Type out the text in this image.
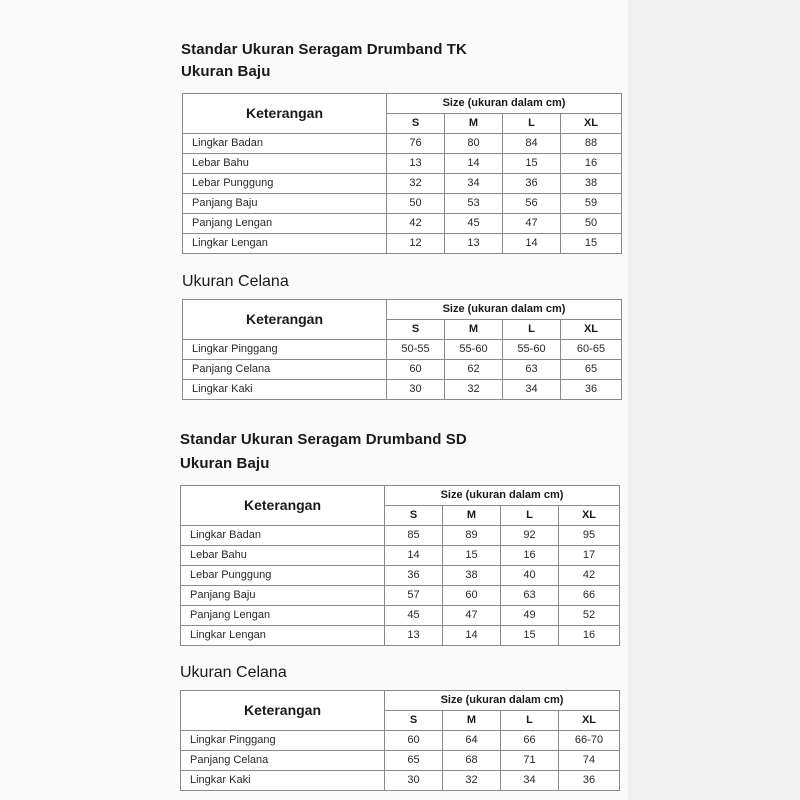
Standar Ukuran Seragam Drumband TK
Ukuran Baju
Keterangan	Size (ukuran dalam cm)			
	S	M	L	XL
Lingkar Badan	76	80	84	88
Lebar Bahu	13	14	15	16
Lebar Punggung	32	34	36	38
Panjang Baju	50	53	56	59
Panjang Lengan	42	45	47	50
Lingkar Lengan	12	13	14	15
Ukuran Celana
Keterangan	Size (ukuran dalam cm)			
	S	M	L	XL
Lingkar Pinggang	50-55	55-60	55-60	60-65
Panjang Celana	60	62	63	65
Lingkar Kaki	30	32	34	36
Standar Ukuran Seragam Drumband SD
Ukuran Baju
Keterangan	Size (ukuran dalam cm)			
	S	M	L	XL
Lingkar Badan	85	89	92	95
Lebar Bahu	14	15	16	17
Lebar Punggung	36	38	40	42
Panjang Baju	57	60	63	66
Panjang Lengan	45	47	49	52
Lingkar Lengan	13	14	15	16
Ukuran Celana
Keterangan	Size (ukuran dalam cm)			
	S	M	L	XL
Lingkar Pinggang	60	64	66	66-70
Panjang Celana	65	68	71	74
Lingkar Kaki	30	32	34	36
